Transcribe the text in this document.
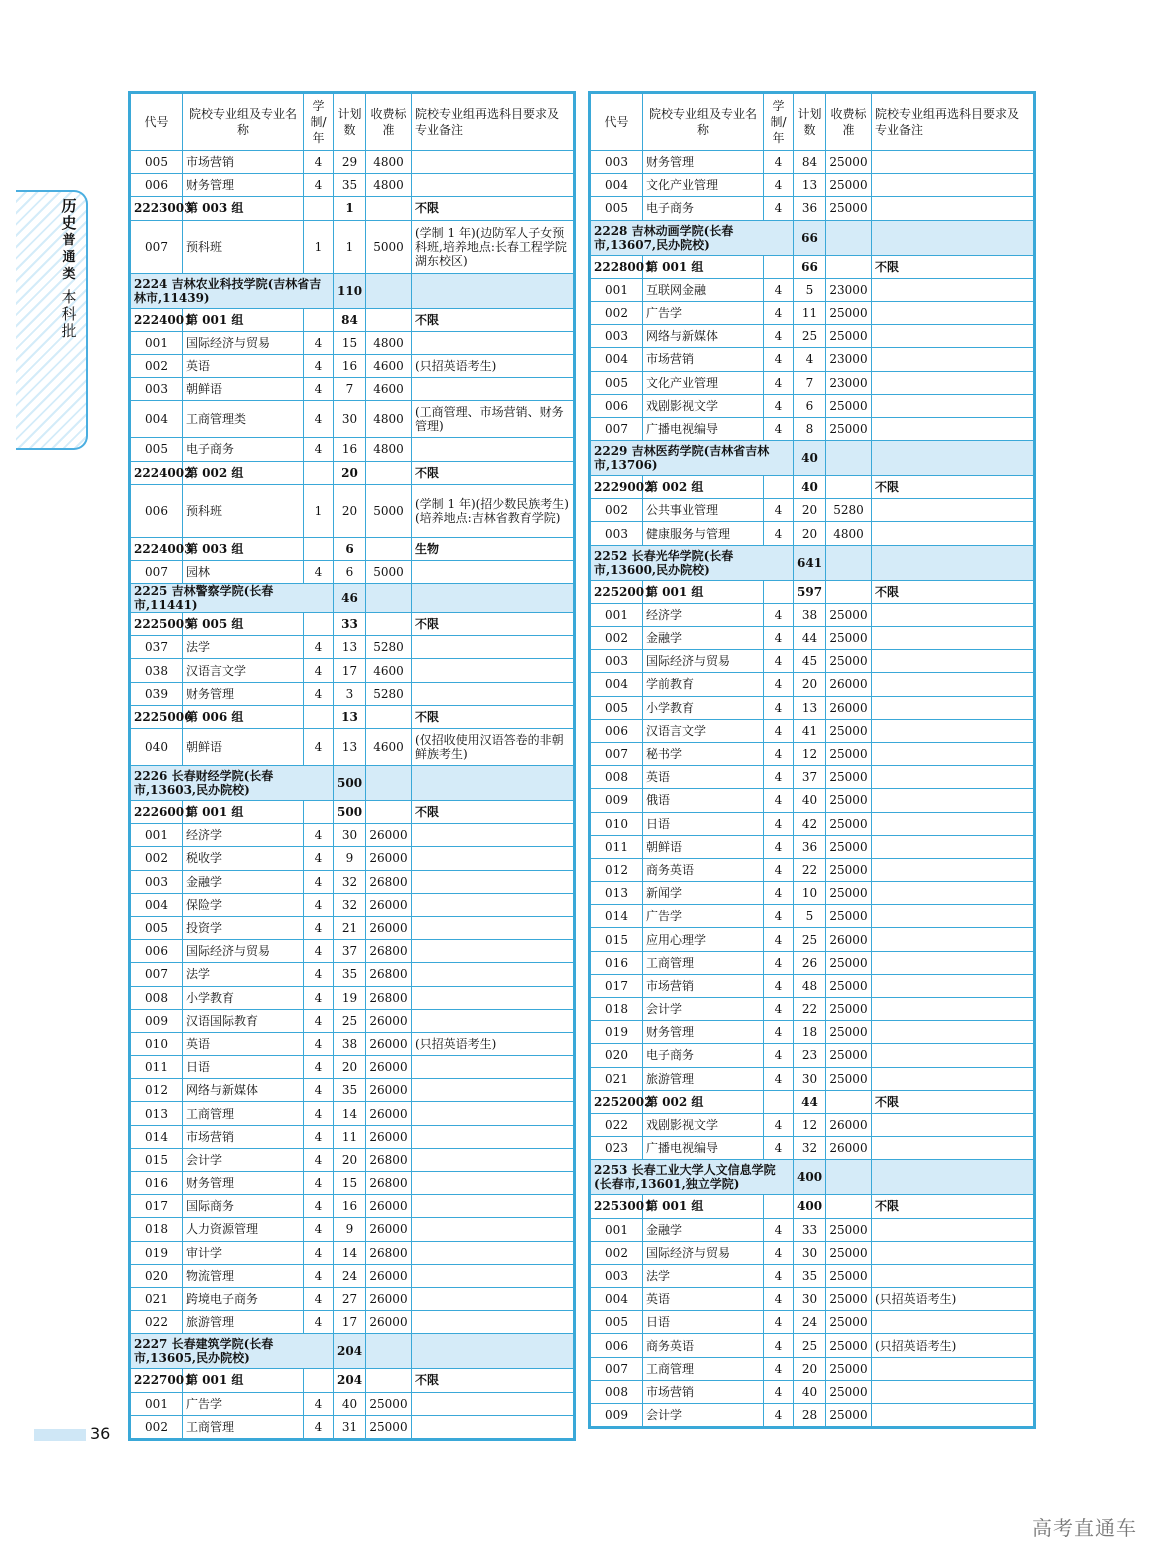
历史
普通类
本科批
代号	院校专业组及专业名称	学制/年	计划数	收费标准	院校专业组再选科目要求及专业备注
005	市场营销	4	29	4800	
006	财务管理	4	35	4800	
2223003	第 003 组		1		不限
007	预科班	1	1	5000	(学制 1 年)(边防军人子女预科班,培养地点:长春工程学院湖东校区)
2224 吉林农业科技学院(吉林省吉林市,11439)			110		
2224001	第 001 组		84		不限
001	国际经济与贸易	4	15	4800	
002	英语	4	16	4600	(只招英语考生)
003	朝鲜语	4	7	4600	
004	工商管理类	4	30	4800	(工商管理、市场营销、财务管理)
005	电子商务	4	16	4800	
2224002	第 002 组		20		不限
006	预科班	1	20	5000	(学制 1 年)(招少数民族考生)(培养地点:吉林省教育学院)
2224003	第 003 组		6		生物
007	园林	4	6	5000	
2225 吉林警察学院(长春市,11441)			46		
2225005	第 005 组		33		不限
037	法学	4	13	5280	
038	汉语言文学	4	17	4600	
039	财务管理	4	3	5280	
2225006	第 006 组		13		不限
040	朝鲜语	4	13	4600	(仅招收使用汉语答卷的非朝鲜族考生)
2226 长春财经学院(长春市,13603,民办院校)			500		
2226001	第 001 组		500		不限
001	经济学	4	30	26000	
002	税收学	4	9	26000	
003	金融学	4	32	26800	
004	保险学	4	32	26000	
005	投资学	4	21	26000	
006	国际经济与贸易	4	37	26800	
007	法学	4	35	26800	
008	小学教育	4	19	26800	
009	汉语国际教育	4	25	26000	
010	英语	4	38	26000	(只招英语考生)
011	日语	4	20	26000	
012	网络与新媒体	4	35	26000	
013	工商管理	4	14	26000	
014	市场营销	4	11	26000	
015	会计学	4	20	26800	
016	财务管理	4	15	26800	
017	国际商务	4	16	26000	
018	人力资源管理	4	9	26000	
019	审计学	4	14	26800	
020	物流管理	4	24	26000	
021	跨境电子商务	4	27	26000	
022	旅游管理	4	17	26000	
2227 长春建筑学院(长春市,13605,民办院校)			204		
2227001	第 001 组		204		不限
001	广告学	4	40	25000	
002	工商管理	4	31	25000	
代号	院校专业组及专业名称	学制/年	计划数	收费标准	院校专业组再选科目要求及专业备注
003	财务管理	4	84	25000	
004	文化产业管理	4	13	25000	
005	电子商务	4	36	25000	
2228 吉林动画学院(长春市,13607,民办院校)			66		
2228001	第 001 组		66		不限
001	互联网金融	4	5	23000	
002	广告学	4	11	25000	
003	网络与新媒体	4	25	25000	
004	市场营销	4	4	23000	
005	文化产业管理	4	7	23000	
006	戏剧影视文学	4	6	25000	
007	广播电视编导	4	8	25000	
2229 吉林医药学院(吉林省吉林市,13706)			40		
2229002	第 002 组		40		不限
002	公共事业管理	4	20	5280	
003	健康服务与管理	4	20	4800	
2252 长春光华学院(长春市,13600,民办院校)			641		
2252001	第 001 组		597		不限
001	经济学	4	38	25000	
002	金融学	4	44	25000	
003	国际经济与贸易	4	45	25000	
004	学前教育	4	20	26000	
005	小学教育	4	13	26000	
006	汉语言文学	4	41	25000	
007	秘书学	4	12	25000	
008	英语	4	37	25000	
009	俄语	4	40	25000	
010	日语	4	42	25000	
011	朝鲜语	4	36	25000	
012	商务英语	4	22	25000	
013	新闻学	4	10	25000	
014	广告学	4	5	25000	
015	应用心理学	4	25	26000	
016	工商管理	4	26	25000	
017	市场营销	4	48	25000	
018	会计学	4	22	25000	
019	财务管理	4	18	25000	
020	电子商务	4	23	25000	
021	旅游管理	4	30	25000	
2252002	第 002 组		44		不限
022	戏剧影视文学	4	12	26000	
023	广播电视编导	4	32	26000	
2253 长春工业大学人文信息学院(长春市,13601,独立学院)			400		
2253001	第 001 组		400		不限
001	金融学	4	33	25000	
002	国际经济与贸易	4	30	25000	
003	法学	4	35	25000	
004	英语	4	30	25000	(只招英语考生)
005	日语	4	24	25000	
006	商务英语	4	25	25000	(只招英语考生)
007	工商管理	4	20	25000	
008	市场营销	4	40	25000	
009	会计学	4	28	25000	
36
高考直通车
